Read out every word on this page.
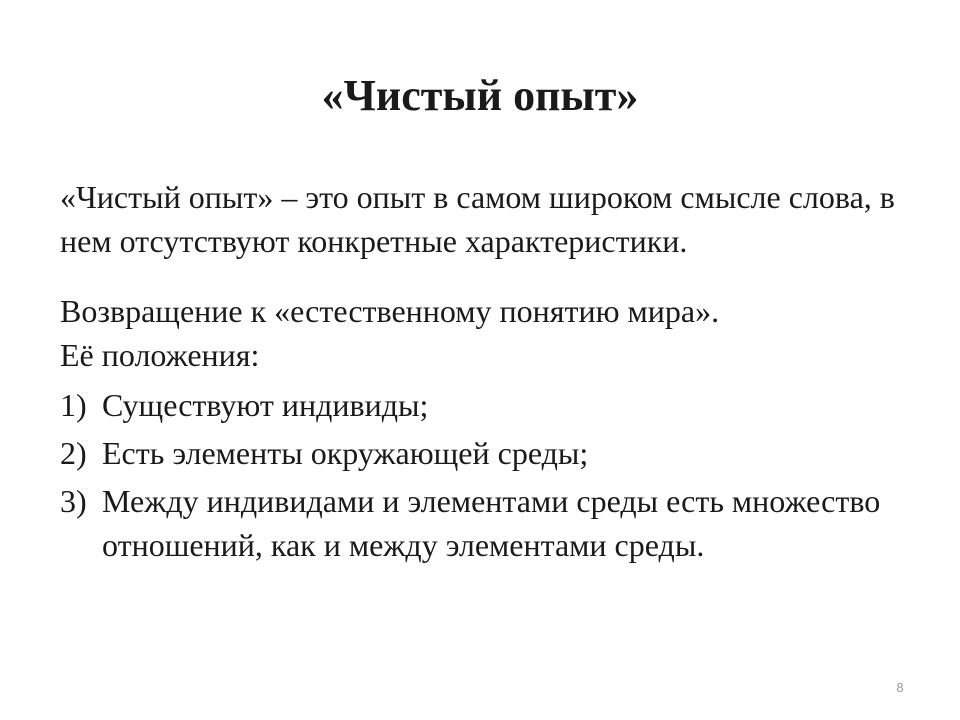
«Чистый опыт»

«Чистый опыт» – это опыт в самом широком смысле слова, в нем отсутствуют конкретные характеристики.

Возвращение к «естественному понятию мира».

Её положения:

1) Существуют индивиды;
2) Есть элементы окружающей среды;
3) Между индивидами и элементами среды есть множество отношений, как и между элементами среды.
8
